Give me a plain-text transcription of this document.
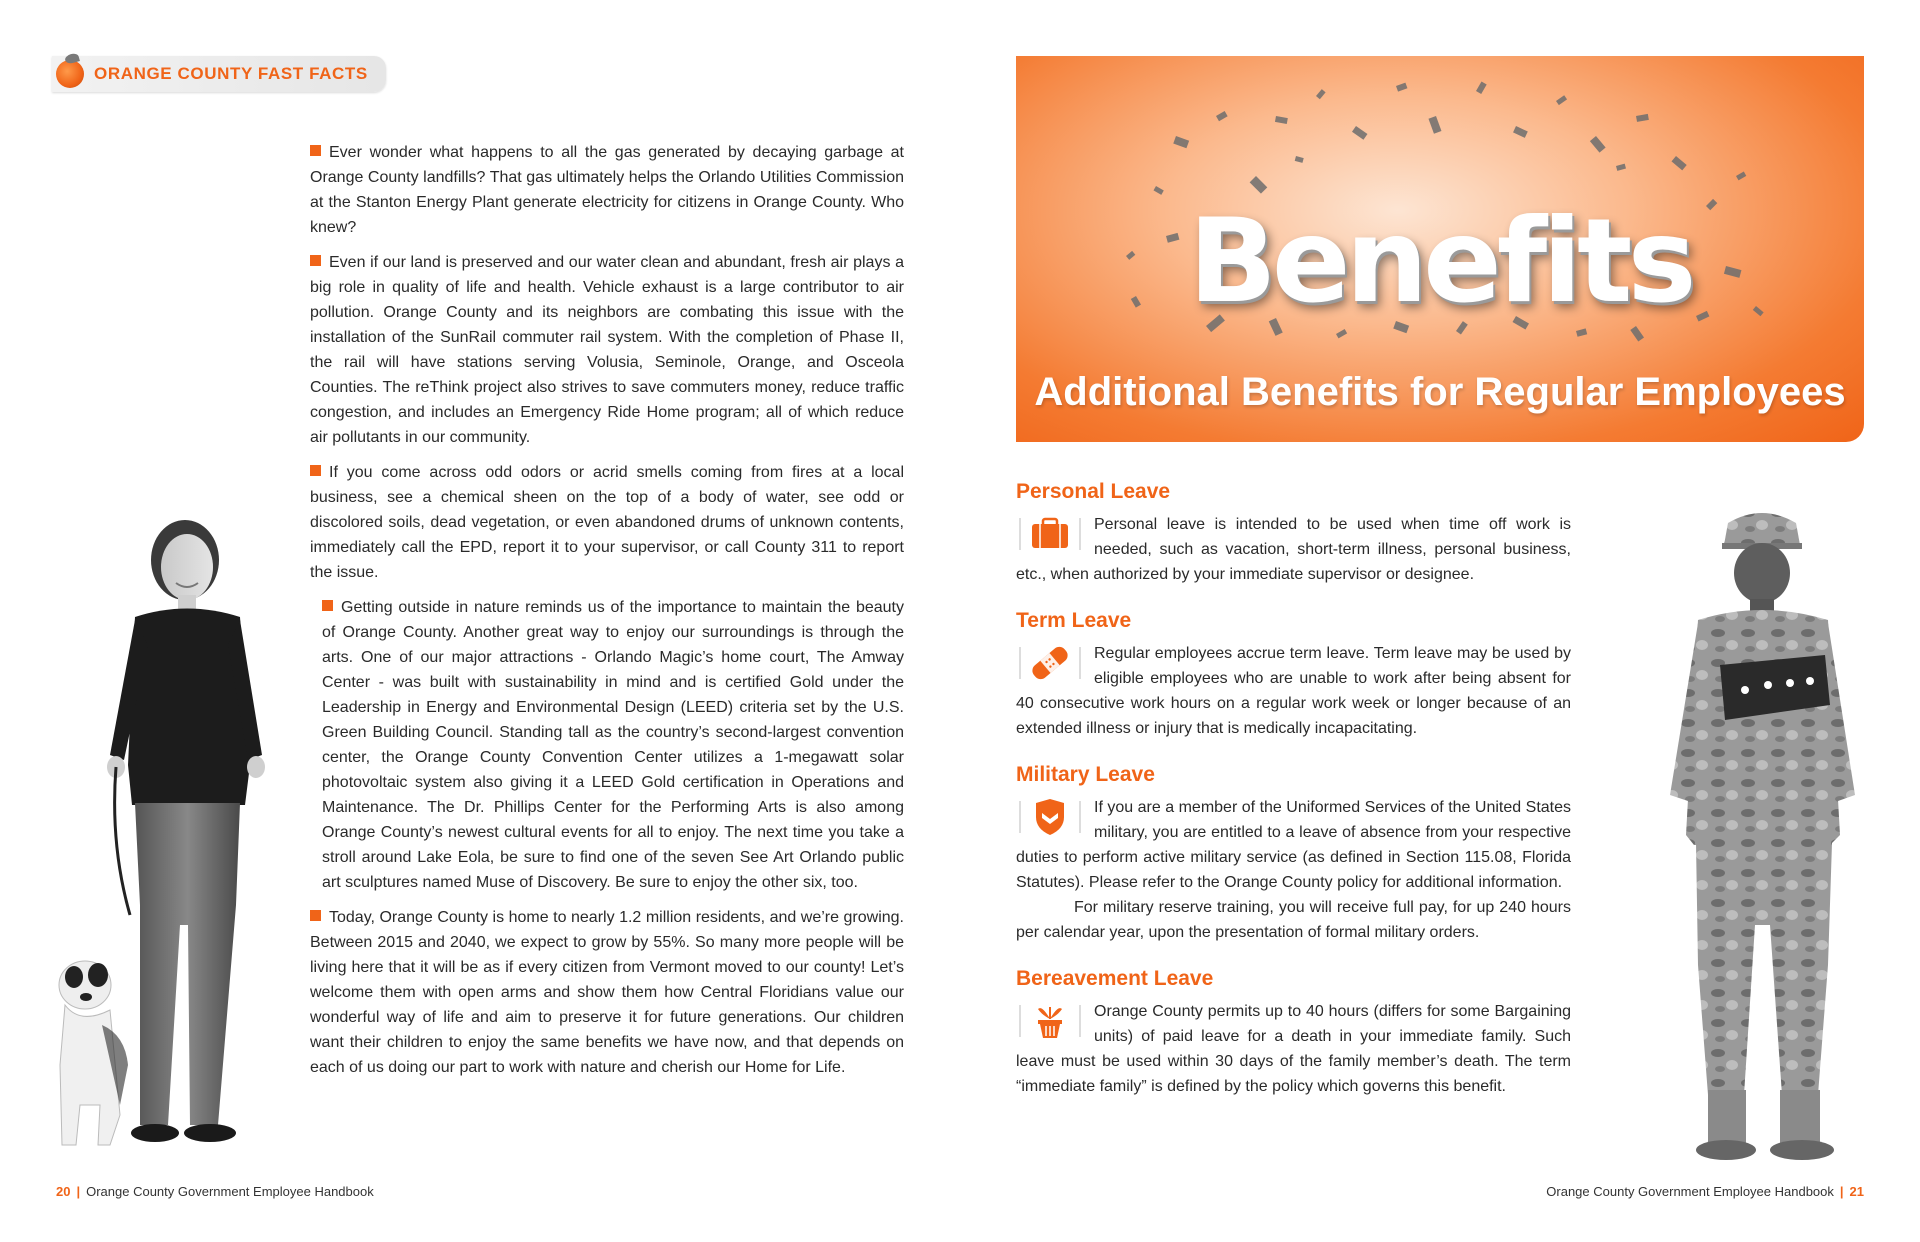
ORANGE COUNTY FAST FACTS

Ever wonder what happens to all the gas generated by decaying garbage at Orange County landfills? That gas ultimately helps the Orlando Utilities Commission at the Stanton Energy Plant generate electricity for citizens in Orange County. Who knew?

Even if our land is preserved and our water clean and abundant, fresh air plays a big role in quality of life and health. Vehicle exhaust is a large contributor to air pollution. Orange County and its neighbors are combating this issue with the installation of the SunRail commuter rail system. With the completion of Phase II, the rail will have stations serving Volusia, Seminole, Orange, and Osceola Counties. The reThink project also strives to save commuters money, reduce traffic congestion, and includes an Emergency Ride Home program; all of which reduce air pollutants in our community.

If you come across odd odors or acrid smells coming from fires at a local business, see a chemical sheen on the top of a body of water, see odd or discolored soils, dead vegetation, or even abandoned drums of unknown contents, immediately call the EPD, report it to your supervisor, or call County 311 to report the issue.

Getting outside in nature reminds us of the importance to maintain the beauty of Orange County. Another great way to enjoy our surroundings is through the arts. One of our major attractions - Orlando Magic’s home court, The Amway Center - was built with sustainability in mind and is certified Gold under the Leadership in Energy and Environmental Design (LEED) criteria set by the U.S. Green Building Council. Standing tall as the country’s second-largest convention center, the Orange County Convention Center utilizes a 1-megawatt solar photovoltaic system also giving it a LEED Gold certification in Operations and Maintenance. The Dr. Phillips Center for the Performing Arts is also among Orange County’s newest cultural events for all to enjoy. The next time you take a stroll around Lake Eola, be sure to find one of the seven See Art Orlando public art sculptures named Muse of Discovery. Be sure to enjoy the other six, too.

Today, Orange County is home to nearly 1.2 million residents, and we’re growing. Between 2015 and 2040, we expect to grow by 55%. So many more people will be living here that it will be as if every citizen from Vermont moved to our county! Let’s welcome them with open arms and show them how Central Floridians value our wonderful way of life and aim to preserve it for future generations. Our children want their children to enjoy the same benefits we have now, and that depends on each of us doing our part to work with nature and cherish our Home for Life.

20 | Orange County Government Employee Handbook
Benefits
Additional Benefits for Regular Employees
Personal Leave

Personal leave is intended to be used when time off work is needed, such as vacation, short-term illness, personal business, etc., when authorized by your immediate supervisor or designee.

Term Leave

Regular employees accrue term leave. Term leave may be used by eligible employees who are unable to work after being absent for 40 consecutive work hours on a regular work week or longer because of an extended illness or injury that is medically incapacitating.

Military Leave

If you are a member of the Uniformed Services of the United States military, you are entitled to a leave of absence from your respective duties to perform active military service (as defined in Section 115.08, Florida Statutes). Please refer to the Orange County policy for additional information.

For military reserve training, you will receive full pay, for up 240 hours per calendar year, upon the presentation of formal military orders.

Bereavement Leave

Orange County permits up to 40 hours (differs for some Bargaining units) of paid leave for a death in your immediate family. Such leave must be used within 30 days of the family member’s death. The term “immediate family” is defined by the policy which governs this benefit.

Orange County Government Employee Handbook | 21
